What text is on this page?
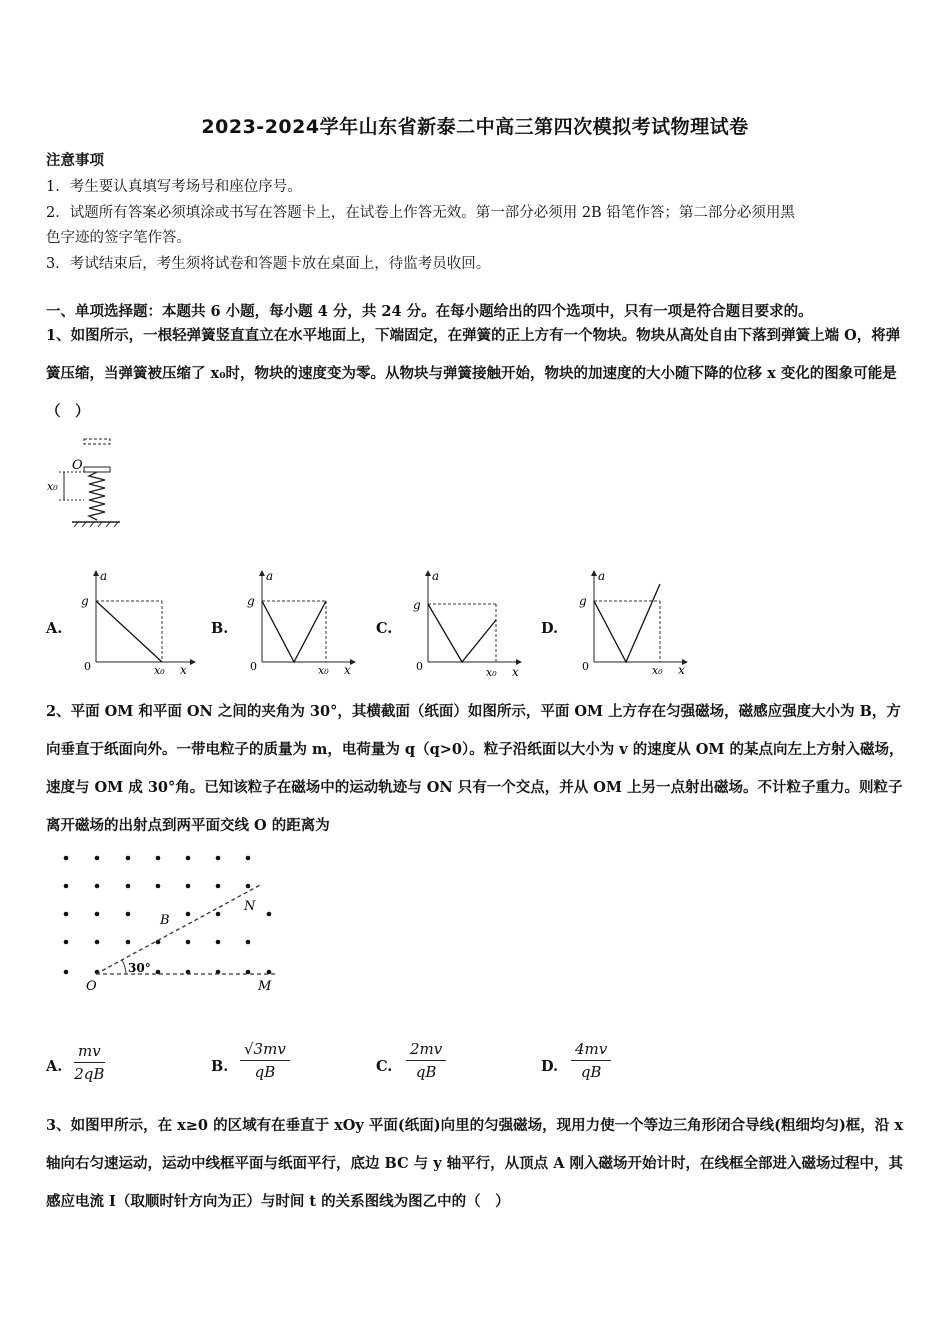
2023-2024学年山东省新泰二中高三第四次模拟考试物理试卷
注意事项
1．考生要认真填写考场号和座位序号。
2．试题所有答案必须填涂或书写在答题卡上，在试卷上作答无效。第一部分必须用 2B 铅笔作答；第二部分必须用黑
色字迹的签字笔作答。
3．考试结束后，考生须将试卷和答题卡放在桌面上，待监考员收回。
一、单项选择题：本题共 6 小题，每小题 4 分，共 24 分。在每小题给出的四个选项中，只有一项是符合题目要求的。
1、如图所示，一根轻弹簧竖直直立在水平地面上，下端固定，在弹簧的正上方有一个物块。物块从高处自由下落到弹簧上端 O，将弹簧压缩，当弹簧被压缩了 x₀时，物块的速度变为零。从物块与弹簧接触开始，物块的加速度的大小随下降的位移 x 变化的图象可能是（　）
O
x₀
A.
a
g
0	x₀ x
B.
a
g
0	x₀ x
C.
a
g
0	x₀ x
D.
a
g
0	x₀ x
2、平面 OM 和平面 ON 之间的夹角为 30°，其横截面（纸面）如图所示，平面 OM 上方存在匀强磁场，磁感应强度大小为 B，方向垂直于纸面向外。一带电粒子的质量为 m，电荷量为 q（q>0）。粒子沿纸面以大小为 v 的速度从 OM 的某点向左上方射入磁场，速度与 OM 成 30°角。已知该粒子在磁场中的运动轨迹与 ON 只有一个交点，并从 OM 上另一点射出磁场。不计粒子重力。则粒子离开磁场的出射点到两平面交线 O 的距离为
30°
B
N
O	M
A. $\frac{mv}{2qB}$	B. $\frac{√3mv}{qB}$	C. $\frac{2mv}{qB}$	D. $\frac{4mv}{qB}$
3、如图甲所示，在 x≥0 的区域有在垂直于 xOy 平面(纸面)向里的匀强磁场，现用力使一个等边三角形闭合导线(粗细均匀)框，沿 x 轴向右匀速运动，运动中线框平面与纸面平行，底边 BC 与 y 轴平行，从顶点 A 刚入磁场开始计时，在线框全部进入磁场过程中，其感应电流 I（取顺时针方向为正）与时间 t 的关系图线为图乙中的（　）
